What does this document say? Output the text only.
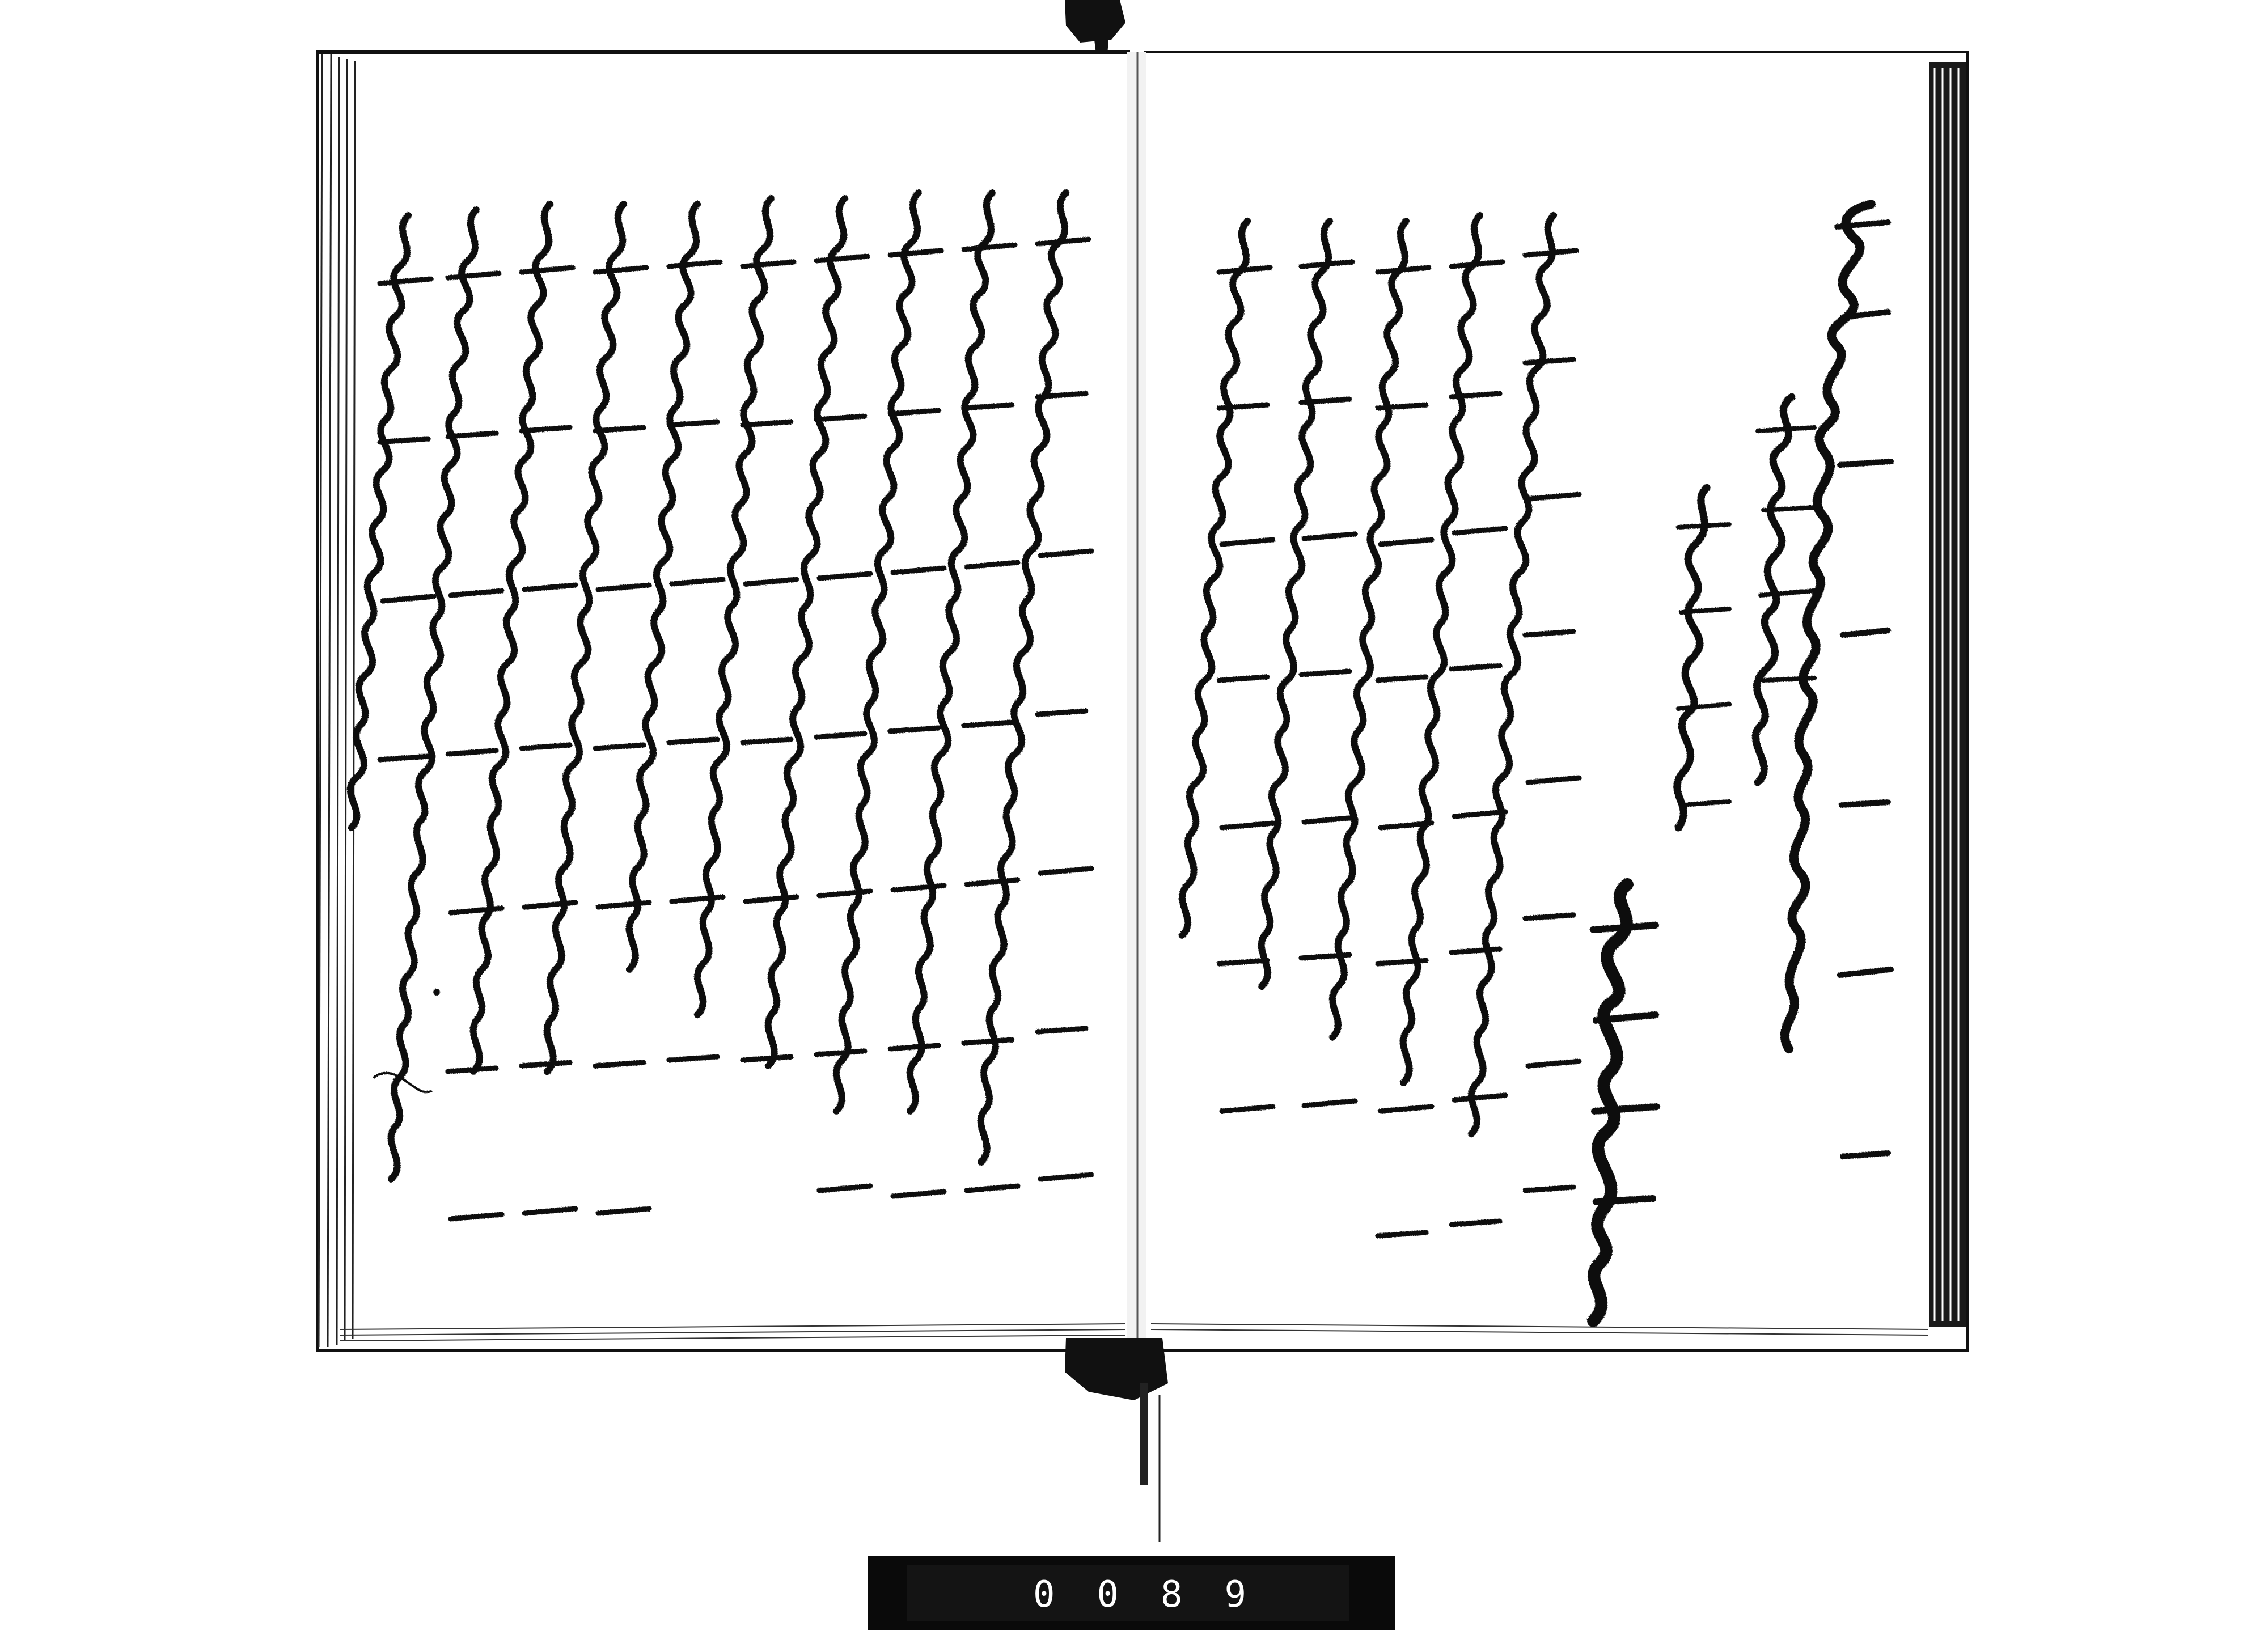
0089
